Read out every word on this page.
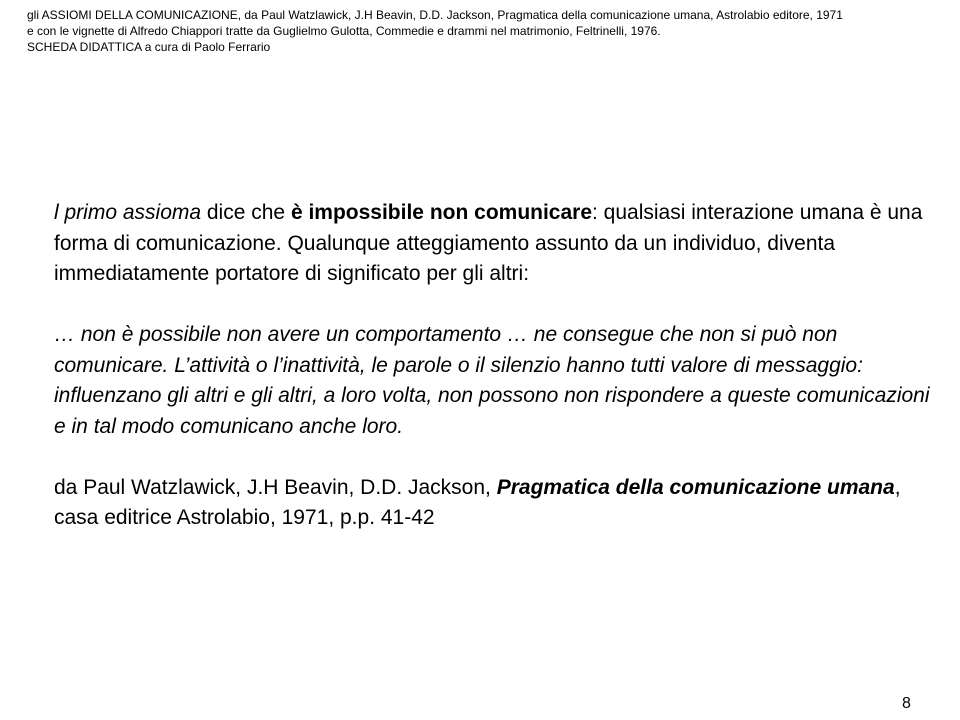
gli ASSIOMI DELLA COMUNICAZIONE, da Paul Watzlawick, J.H Beavin, D.D. Jackson, Pragmatica della comunicazione umana, Astrolabio editore, 1971
e con le vignette di Alfredo Chiappori tratte da Guglielmo Gulotta, Commedie e drammi nel matrimonio, Feltrinelli, 1976.
SCHEDA DIDATTICA a cura di Paolo Ferrario

l primo assioma dice che è impossibile non comunicare: qualsiasi interazione umana è una forma di comunicazione. Qualunque atteggiamento assunto da un individuo, diventa immediatamente portatore di significato per gli altri:

… non è possibile non avere un comportamento … ne consegue che non si può non comunicare. L’attività o l’inattività, le parole o il silenzio hanno tutti valore di messaggio: influenzano gli altri e gli altri, a loro volta, non possono non rispondere a queste comunicazioni e in tal modo comunicano anche loro.

da Paul Watzlawick, J.H Beavin, D.D. Jackson, Pragmatica della comunicazione umana, casa editrice Astrolabio, 1971, p.p. 41-42

8
